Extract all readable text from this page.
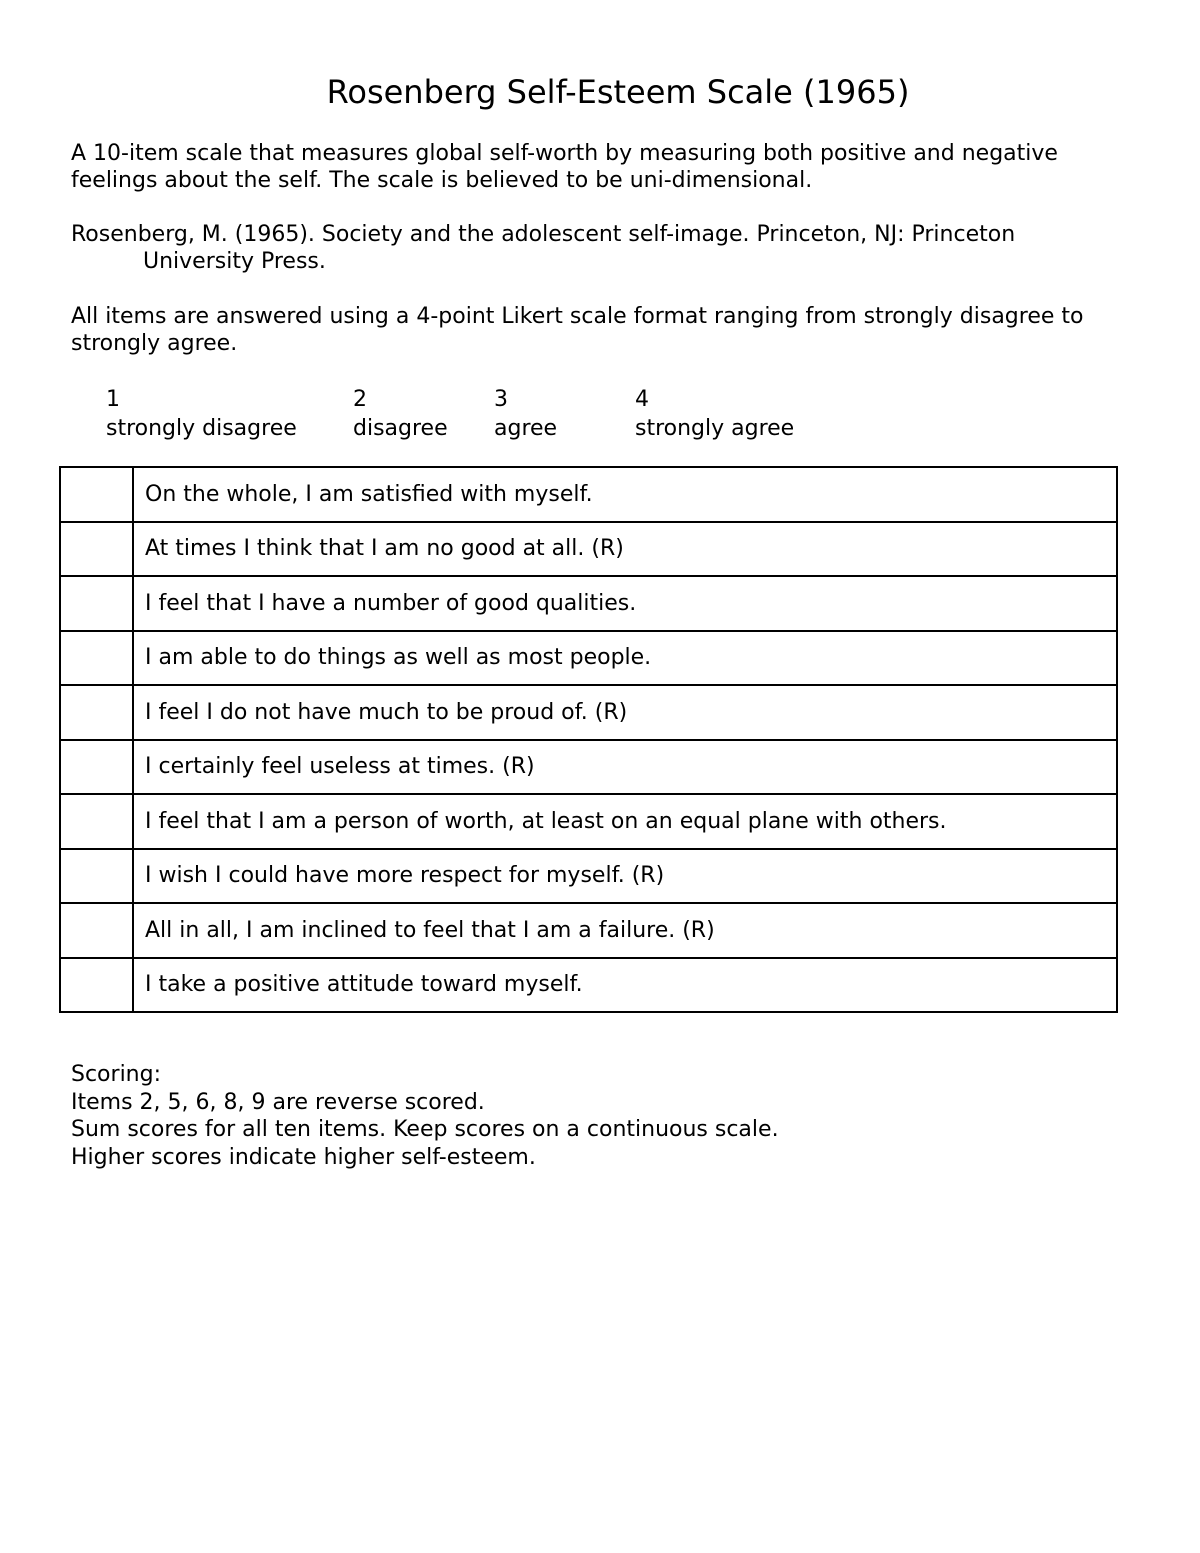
Rosenberg Self-Esteem Scale (1965)

A 10-item scale that measures global self-worth by measuring both positive and negative feelings about the self. The scale is believed to be uni-dimensional.

Rosenberg, M. (1965). Society and the adolescent self-image. Princeton, NJ: Princeton
University Press.

All items are answered using a 4-point Likert scale format ranging from strongly disagree to strongly agree.

1
strongly disagree
2
disagree
3
agree
4
strongly agree
	On the whole, I am satisfied with myself.
	At times I think that I am no good at all. (R)
	I feel that I have a number of good qualities.
	I am able to do things as well as most people.
	I feel I do not have much to be proud of. (R)
	I certainly feel useless at times. (R)
	I feel that I am a person of worth, at least on an equal plane with others.
	I wish I could have more respect for myself. (R)
	All in all, I am inclined to feel that I am a failure. (R)
	I take a positive attitude toward myself.
Scoring:
Items 2, 5, 6, 8, 9 are reverse scored.
Sum scores for all ten items. Keep scores on a continuous scale.
Higher scores indicate higher self-esteem.
